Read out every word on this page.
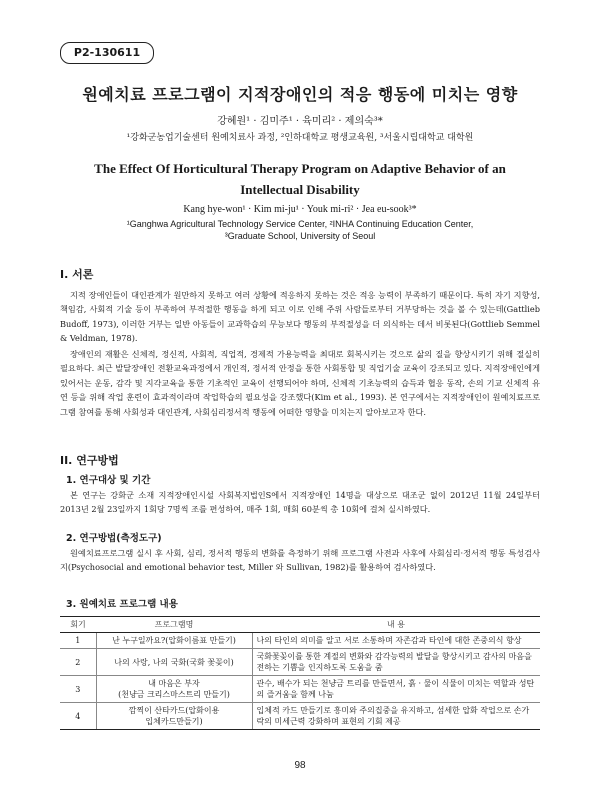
P2-130611
원예치료 프로그램이 지적장애인의 적응 행동에 미치는 영향
강혜원¹ · 김미주¹ · 육미리² · 제의숙³*
¹강화군농업기술센터 원예치료사 과정, ²인하대학교 평생교육원, ³서울시립대학교 대학원
The Effect Of Horticultural Therapy Program on Adaptive Behavior of an Intellectual Disability
Kang hye-won¹ · Kim mi-ju¹ · Youk mi-ri² · Jea eu-sook³*
¹Ganghwa Agricultural Technology Service Center, ²INHA Continuing Education Center,
³Graduate School, University of Seoul
I. 서론

지적 장애인들이 대인관계가 원만하지 못하고 여러 상황에 적응하지 못하는 것은 적응 능력이 부족하기 때문이다. 특히 자기 지향성, 책임감, 사회적 기술 등이 부족하여 부적절한 행동을 하게 되고 이로 인해 주위 사람들로부터 거부당하는 것을 볼 수 있는데(Gattlieb Budoff, 1973), 이러한 거부는 일반 아동들이 교과학습의 무능보다 행동의 부적절성을 더 의식하는 데서 비롯된다(Gottlieb Semmel & Veldman, 1978).

장애인의 재활은 신체적, 정신적, 사회적, 직업적, 경제적 가용능력을 최대로 회복시키는 것으로 삶의 질을 향상시키기 위해 절실히 필요하다. 최근 발달장애인 전환교육과정에서 개인적, 정서적 안정을 통한 사회통합 및 직업기술 교육이 강조되고 있다. 지적장애인에게 있어서는 운동, 감각 및 지각교육을 통한 기초적인 교육이 선행되어야 하며, 신체적 기초능력의 습득과 협응 동작, 손의 기교 신체적 유연 등을 위해 작업 훈련이 효과적이라며 작업학습의 필요성을 강조했다(Kim et al., 1993). 본 연구에서는 지적장애인이 원예치료프로그램 참여를 통해 사회성과 대인관계, 사회심리정서적 행동에 어떠한 영향을 미치는지 알아보고자 한다.

II. 연구방법
1. 연구대상 및 기간

본 연구는 강화군 소재 지적장애인시설 사회복지법인S에서 지적장애인 14명을 대상으로 대조군 없이 2012년 11월 24일부터 2013년 2월 23일까지 1회당 7명씩 조를 편성하여, 매주 1회, 매회 60분씩 총 10회에 걸쳐 실시하였다.

2. 연구방법(측정도구)

원예치료프로그램 실시 후 사회, 심리, 정서적 행동의 변화를 측정하기 위해 프로그램 사전과 사후에 사회심리·정서적 행동 특성검사지(Psychosocial and emotional behavior test, Miller 와 Sullivan, 1982)를 활용하여 검사하였다.

3. 원예치료 프로그램 내용
회기	프로그램명	내 용
1	난 누구일까요?(압화이름표 만들기)	나의 타인의 의미를 알고 서로 소통하며 자존감과 타인에 대한 존중의식 향상
2	나의 사랑, 나의 국화(국화 꽃꽂이)	국화꽃꽂이를 통한 계절의 변화와 감각능력의 발달을 향상시키고 감사의 마음을 전하는 기쁨을 인지하도록 도움을 줌
3	내 마음은 부자
(천냥금 크리스마스트리 만들기)	관수, 배수가 되는 천냥금 트리를 만들면서, 흙 · 물이 식물이 미치는 역할과 성탄의 즐거움을 함께 나눔
4	깜찍이 산타카드(압화이용
입체카드만들기)	입체적 카드 만들기로 흥미와 주의집중을 유지하고, 섬세한 압화 작업으로 손가락의 미세근력 강화하며 표현의 기회 제공
98
